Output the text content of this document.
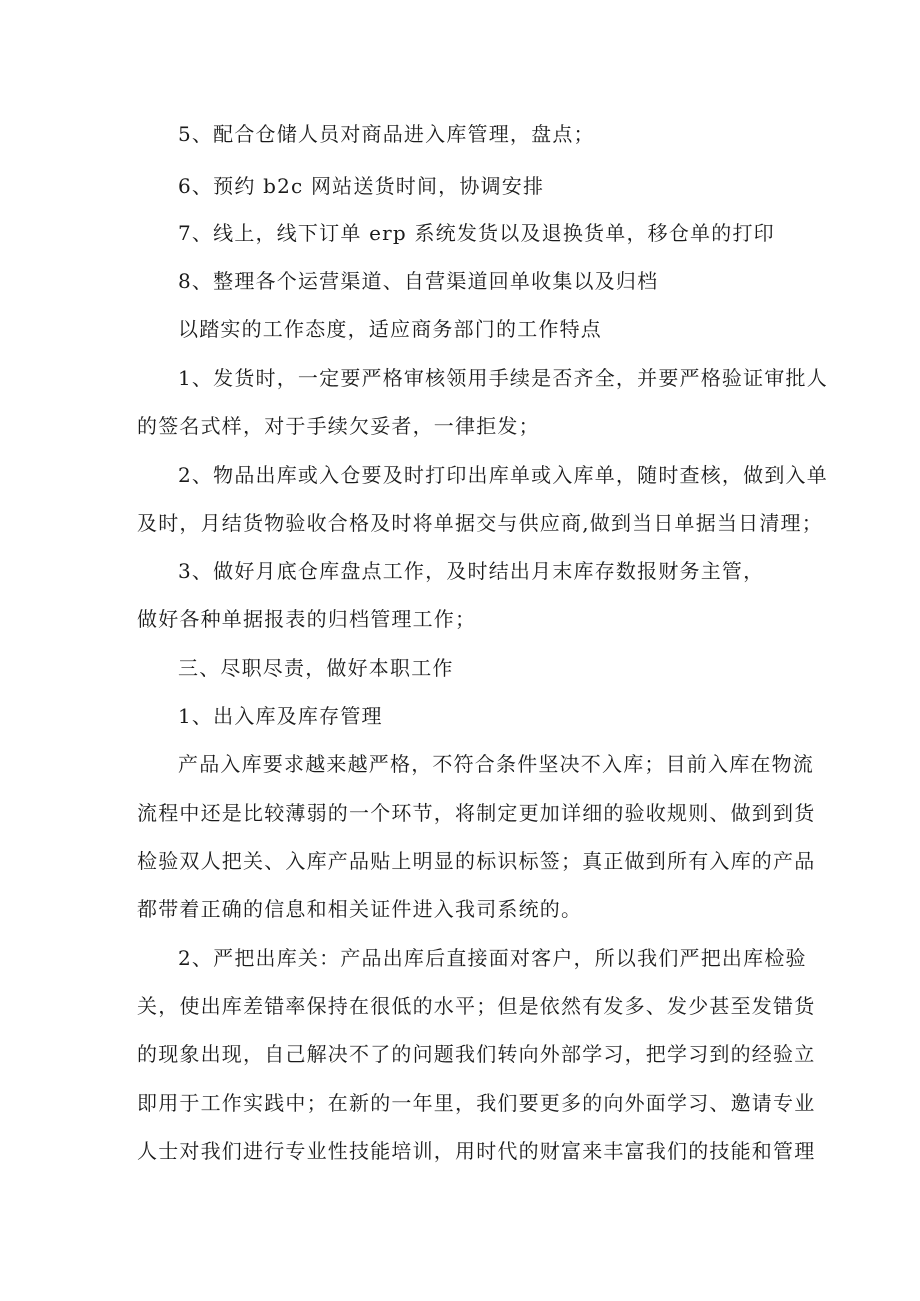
5、配合仓储人员对商品进入库管理，盘点；
6、预约 b2c 网站送货时间，协调安排
7、线上，线下订单 erp 系统发货以及退换货单，移仓单的打印
8、整理各个运营渠道、自营渠道回单收集以及归档
以踏实的工作态度，适应商务部门的工作特点
1、发货时，一定要严格审核领用手续是否齐全，并要严格验证审批人
的签名式样，对于手续欠妥者，一律拒发；
2、物品出库或入仓要及时打印出库单或入库单，随时查核，做到入单
及时，月结货物验收合格及时将单据交与供应商,做到当日单据当日清理；
3、做好月底仓库盘点工作，及时结出月末库存数报财务主管，
做好各种单据报表的归档管理工作；
三、尽职尽责，做好本职工作
1、出入库及库存管理
产品入库要求越来越严格，不符合条件坚决不入库；目前入库在物流
流程中还是比较薄弱的一个环节，将制定更加详细的验收规则、做到到货
检验双人把关、入库产品贴上明显的标识标签；真正做到所有入库的产品
都带着正确的信息和相关证件进入我司系统的。
2、严把出库关：产品出库后直接面对客户，所以我们严把出库检验
关，使出库差错率保持在很低的水平；但是依然有发多、发少甚至发错货
的现象出现，自己解决不了的问题我们转向外部学习，把学习到的经验立
即用于工作实践中；在新的一年里，我们要更多的向外面学习、邀请专业
人士对我们进行专业性技能培训，用时代的财富来丰富我们的技能和管理
